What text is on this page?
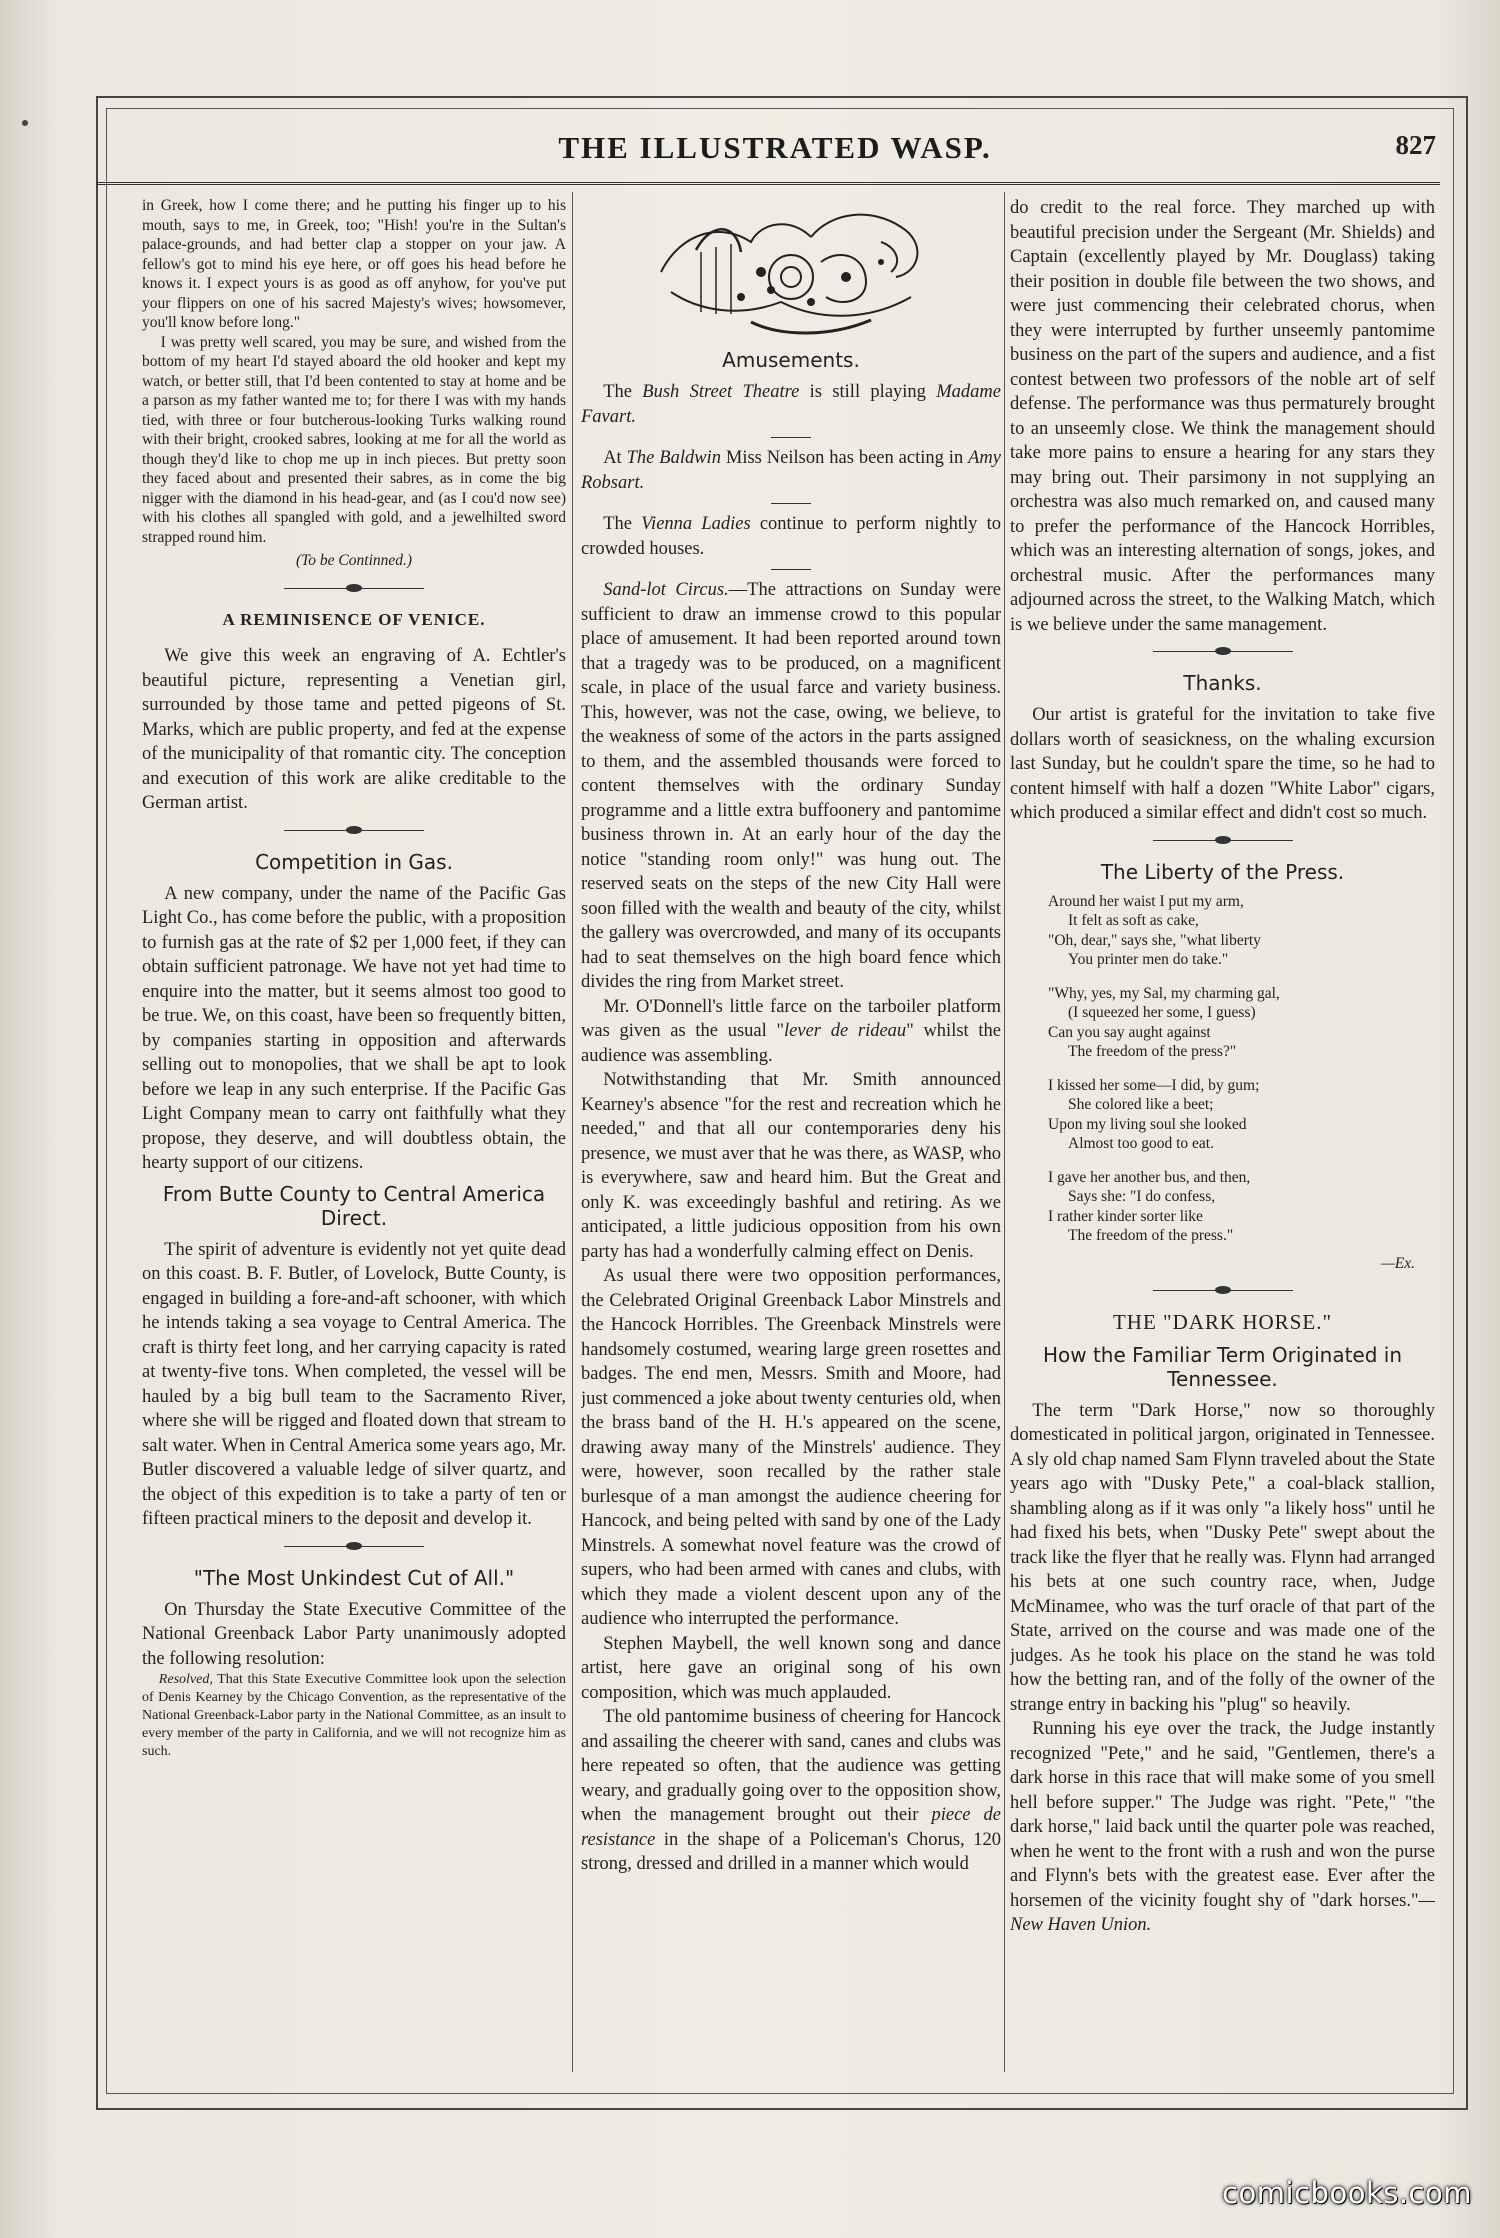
THE ILLUSTRATED WASP.	827

in Greek, how I come there; and he putting his finger up to his mouth, says to me, in Greek, too; "Hish! you're in the Sultan's palace-grounds, and had better clap a stopper on your jaw. A fellow's got to mind his eye here, or off goes his head before he knows it. I expect yours is as good as off anyhow, for you've put your flippers on one of his sacred Majesty's wives; howsomever, you'll know before long."

I was pretty well scared, you may be sure, and wished from the bottom of my heart I'd stayed aboard the old hooker and kept my watch, or better still, that I'd been contented to stay at home and be a parson as my father wanted me to; for there I was with my hands tied, with three or four butcherous-looking Turks walking round with their bright, crooked sabres, looking at me for all the world as though they'd like to chop me up in inch pieces. But pretty soon they faced about and presented their sabres, as in come the big nigger with the diamond in his head-gear, and (as I cou'd now see) with his clothes all spangled with gold, and a jewelhilted sword strapped round him.

(To be Continned.)
A REMINISENCE OF VENICE.

We give this week an engraving of A. Echtler's beautiful picture, representing a Venetian girl, surrounded by those tame and petted pigeons of St. Marks, which are public property, and fed at the expense of the municipality of that romantic city. The conception and execution of this work are alike creditable to the German artist.

Competition in Gas.

A new company, under the name of the Pacific Gas Light Co., has come before the public, with a proposition to furnish gas at the rate of $2 per 1,000 feet, if they can obtain sufficient patronage. We have not yet had time to enquire into the matter, but it seems almost too good to be true. We, on this coast, have been so frequently bitten, by companies starting in opposition and afterwards selling out to monopolies, that we shall be apt to look before we leap in any such enterprise. If the Pacific Gas Light Company mean to carry ont faithfully what they propose, they deserve, and will doubtless obtain, the hearty support of our citizens.

From Butte County to Central America Direct.

The spirit of adventure is evidently not yet quite dead on this coast. B. F. Butler, of Lovelock, Butte County, is engaged in building a fore-and-aft schooner, with which he intends taking a sea voyage to Central America. The craft is thirty feet long, and her carrying capacity is rated at twenty-five tons. When completed, the vessel will be hauled by a big bull team to the Sacramento River, where she will be rigged and floated down that stream to salt water. When in Central America some years ago, Mr. Butler discovered a valuable ledge of silver quartz, and the object of this expedition is to take a party of ten or fifteen practical miners to the deposit and develop it.

"The Most Unkindest Cut of All."

On Thursday the State Executive Committee of the National Greenback Labor Party unanimously adopted the following resolution:

Resolved, That this State Executive Committee look upon the selection of Denis Kearney by the Chicago Convention, as the representative of the National Greenback-Labor party in the National Committee, as an insult to every member of the party in California, and we will not recognize him as such.

Amusements.

The Bush Street Theatre is still playing Madame Favart.

At The Baldwin Miss Neilson has been acting in Amy Robsart.

The Vienna Ladies continue to perform nightly to crowded houses.

Sand-lot Circus.—The attractions on Sunday were sufficient to draw an immense crowd to this popular place of amusement. It had been reported around town that a tragedy was to be produced, on a magnificent scale, in place of the usual farce and variety business. This, however, was not the case, owing, we believe, to the weakness of some of the actors in the parts assigned to them, and the assembled thousands were forced to content themselves with the ordinary Sunday programme and a little extra buffoonery and pantomime business thrown in. At an early hour of the day the notice "standing room only!" was hung out. The reserved seats on the steps of the new City Hall were soon filled with the wealth and beauty of the city, whilst the gallery was overcrowded, and many of its occupants had to seat themselves on the high board fence which divides the ring from Market street.

Mr. O'Donnell's little farce on the tarboiler platform was given as the usual "lever de rideau" whilst the audience was assembling.

Notwithstanding that Mr. Smith announced Kearney's absence "for the rest and recreation which he needed," and that all our contemporaries deny his presence, we must aver that he was there, as WASP, who is everywhere, saw and heard him. But the Great and only K. was exceedingly bashful and retiring. As we anticipated, a little judicious opposition from his own party has had a wonderfully calming effect on Denis.

As usual there were two opposition performances, the Celebrated Original Greenback Labor Minstrels and the Hancock Horribles. The Greenback Minstrels were handsomely costumed, wearing large green rosettes and badges. The end men, Messrs. Smith and Moore, had just commenced a joke about twenty centuries old, when the brass band of the H. H.'s appeared on the scene, drawing away many of the Minstrels' audience. They were, however, soon recalled by the rather stale burlesque of a man amongst the audience cheering for Hancock, and being pelted with sand by one of the Lady Minstrels. A somewhat novel feature was the crowd of supers, who had been armed with canes and clubs, with which they made a violent descent upon any of the audience who interrupted the performance.

Stephen Maybell, the well known song and dance artist, here gave an original song of his own composition, which was much applauded.

The old pantomime business of cheering for Hancock and assailing the cheerer with sand, canes and clubs was here repeated so often, that the audience was getting weary, and gradually going over to the opposition show, when the management brought out their piece de resistance in the shape of a Policeman's Chorus, 120 strong, dressed and drilled in a manner which would

do credit to the real force. They marched up with beautiful precision under the Sergeant (Mr. Shields) and Captain (excellently played by Mr. Douglass) taking their position in double file between the two shows, and were just commencing their celebrated chorus, when they were interrupted by further unseemly pantomime business on the part of the supers and audience, and a fist contest between two professors of the noble art of self defense. The performance was thus permaturely brought to an unseemly close. We think the management should take more pains to ensure a hearing for any stars they may bring out. Their parsimony in not supplying an orchestra was also much remarked on, and caused many to prefer the performance of the Hancock Horribles, which was an interesting alternation of songs, jokes, and orchestral music. After the performances many adjourned across the street, to the Walking Match, which is we believe under the same management.

Thanks.

Our artist is grateful for the invitation to take five dollars worth of seasickness, on the whaling excursion last Sunday, but he couldn't spare the time, so he had to content himself with half a dozen "White Labor" cigars, which produced a similar effect and didn't cost so much.

The Liberty of the Press.
Around her waist I put my arm,
It felt as soft as cake,
"Oh, dear," says she, "what liberty
You printer men do take."
"Why, yes, my Sal, my charming gal,
(I squeezed her some, I guess)
Can you say aught against
The freedom of the press?"
I kissed her some—I did, by gum;
She colored like a beet;
Upon my living soul she looked
Almost too good to eat.
I gave her another bus, and then,
Says she: "I do confess,
I rather kinder sorter like
The freedom of the press."
—Ex.
THE "DARK HORSE."
How the Familiar Term Originated in Tennessee.

The term "Dark Horse," now so thoroughly domesticated in political jargon, originated in Tennessee. A sly old chap named Sam Flynn traveled about the State years ago with "Dusky Pete," a coal-black stallion, shambling along as if it was only "a likely hoss" until he had fixed his bets, when "Dusky Pete" swept about the track like the flyer that he really was. Flynn had arranged his bets at one such country race, when, Judge McMinamee, who was the turf oracle of that part of the State, arrived on the course and was made one of the judges. As he took his place on the stand he was told how the betting ran, and of the folly of the owner of the strange entry in backing his "plug" so heavily.

Running his eye over the track, the Judge instantly recognized "Pete," and he said, "Gentlemen, there's a dark horse in this race that will make some of you smell hell before supper." The Judge was right. "Pete," "the dark horse," laid back until the quarter pole was reached, when he went to the front with a rush and won the purse and Flynn's bets with the greatest ease. Ever after the horsemen of the vicinity fought shy of "dark horses."—New Haven Union.

comicbooks.com
